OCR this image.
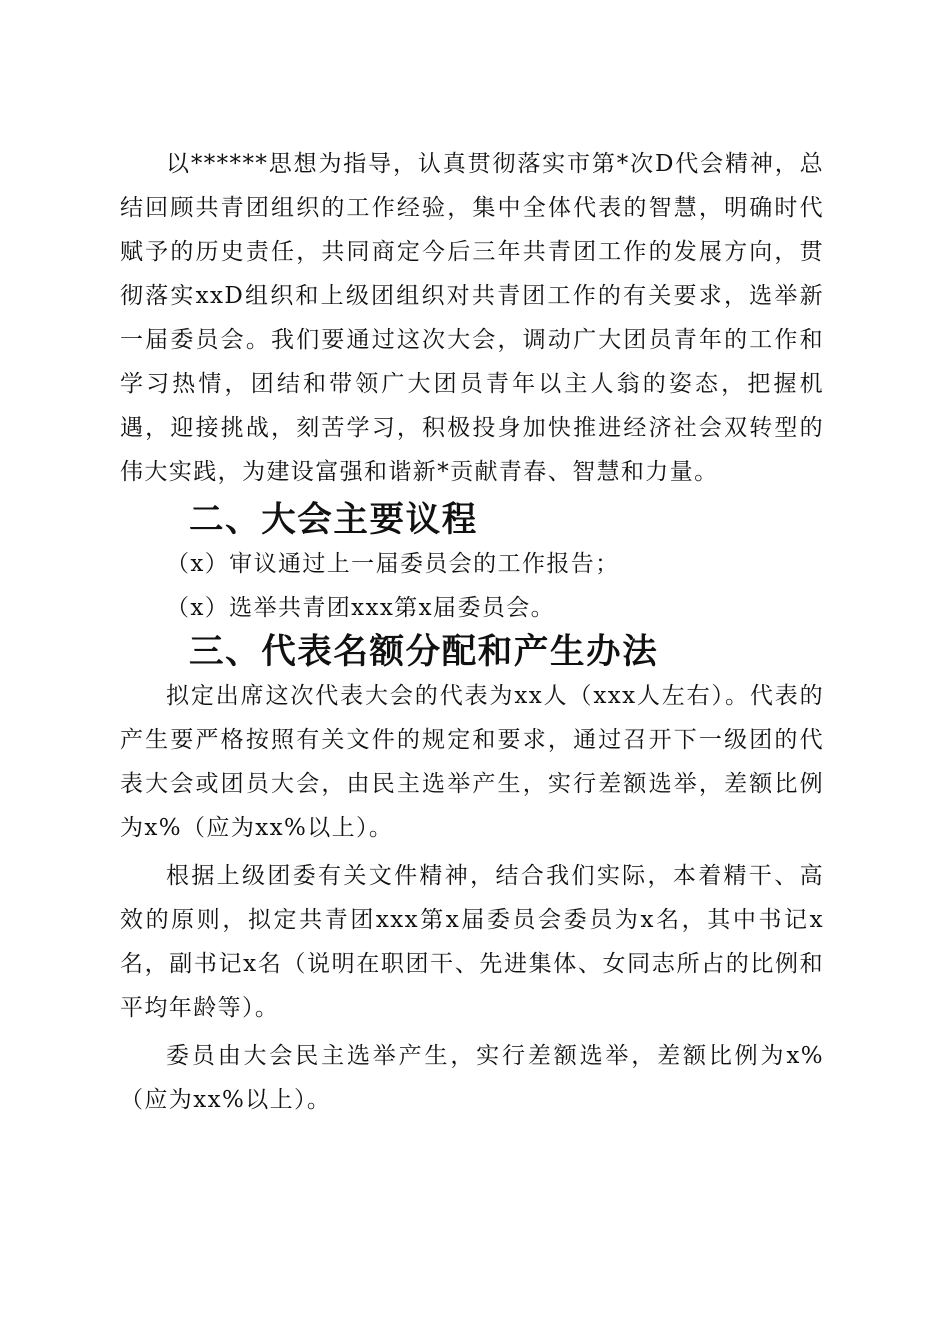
以******思想为指导，认真贯彻落实市第*次D代会精神，总结回顾共青团组织的工作经验，集中全体代表的智慧，明确时代赋予的历史责任，共同商定今后三年共青团工作的发展方向，贯彻落实xxD组织和上级团组织对共青团工作的有关要求，选举新一届委员会。我们要通过这次大会，调动广大团员青年的工作和学习热情，团结和带领广大团员青年以主人翁的姿态，把握机遇，迎接挑战，刻苦学习，积极投身加快推进经济社会双转型的伟大实践，为建设富强和谐新*贡献青春、智慧和力量。

二、大会主要议程

（x）审议通过上一届委员会的工作报告；

（x）选举共青团xxx第x届委员会。

三、代表名额分配和产生办法

拟定出席这次代表大会的代表为xx人（xxx人左右）。代表的产生要严格按照有关文件的规定和要求，通过召开下一级团的代表大会或团员大会，由民主选举产生，实行差额选举，差额比例为x%（应为xx%以上）。

根据上级团委有关文件精神，结合我们实际，本着精干、高效的原则，拟定共青团xxx第x届委员会委员为x名，其中书记x名，副书记x名（说明在职团干、先进集体、女同志所占的比例和平均年龄等）。

委员由大会民主选举产生，实行差额选举，差额比例为x%（应为xx%以上）。
